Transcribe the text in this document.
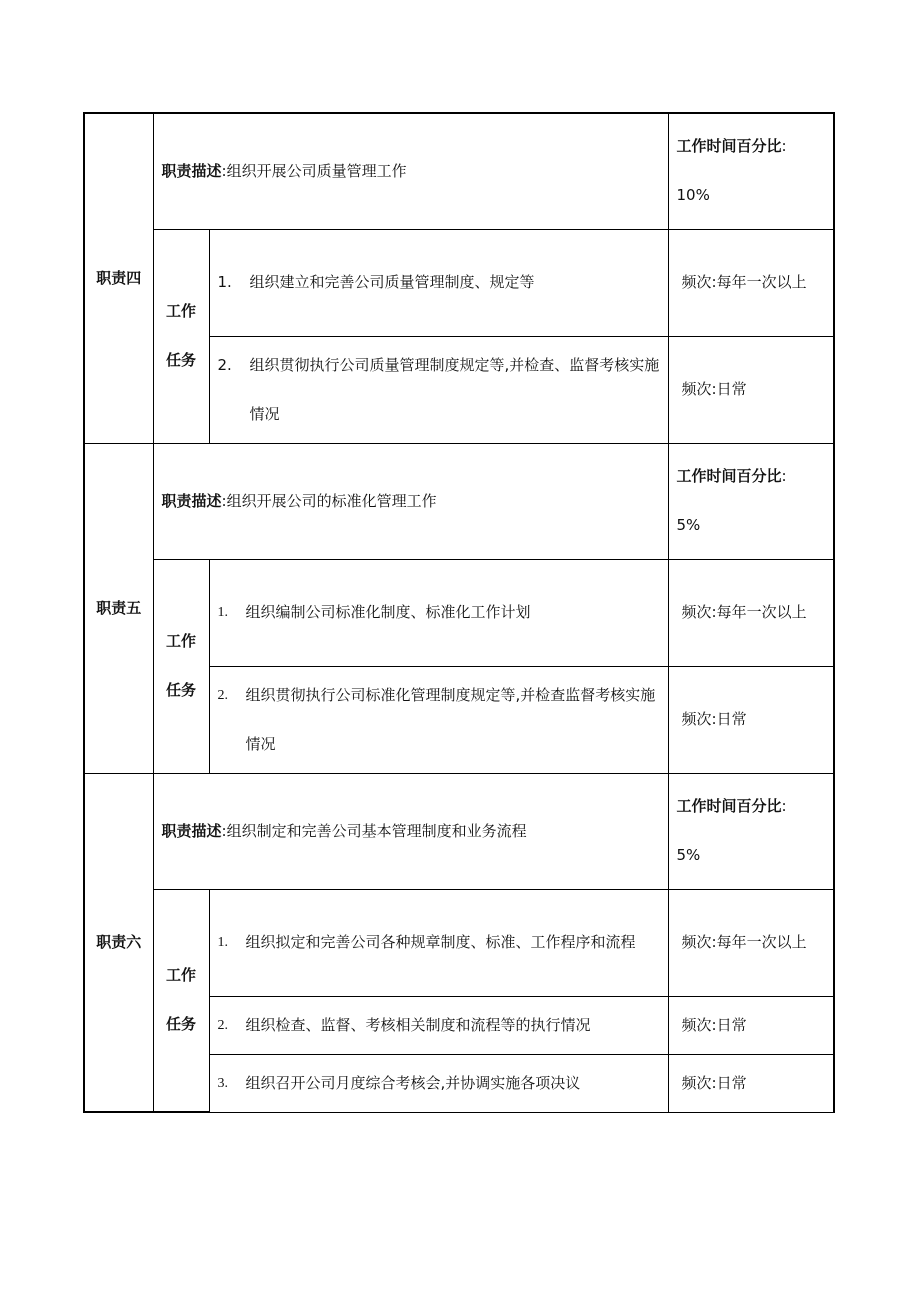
职责四	职责描述:组织开展公司质量管理工作		工作时间百分比:
10%
	工作
任务	1. 组织建立和完善公司质量管理制度、规定等	频次:每年一次以上

		2. 组织贯彻执行公司质量管理制度规定等,并检查、监督考核实施情况	频次:日常
职责五	职责描述:组织开展公司的标准化管理工作		工作时间百分比:
5%
	工作
任务	1. 组织编制公司标准化制度、标准化工作计划	频次:每年一次以上

		2. 组织贯彻执行公司标准化管理制度规定等,并检查监督考核实施情况	频次:日常
职责六	职责描述:组织制定和完善公司基本管理制度和业务流程		工作时间百分比:
5%
	工作
任务	1. 组织拟定和完善公司各种规章制度、标准、工作程序和流程	频次:每年一次以上

		2. 组织检查、监督、考核相关制度和流程等的执行情况	频次:日常

		3. 组织召开公司月度综合考核会,并协调实施各项决议	频次:日常
